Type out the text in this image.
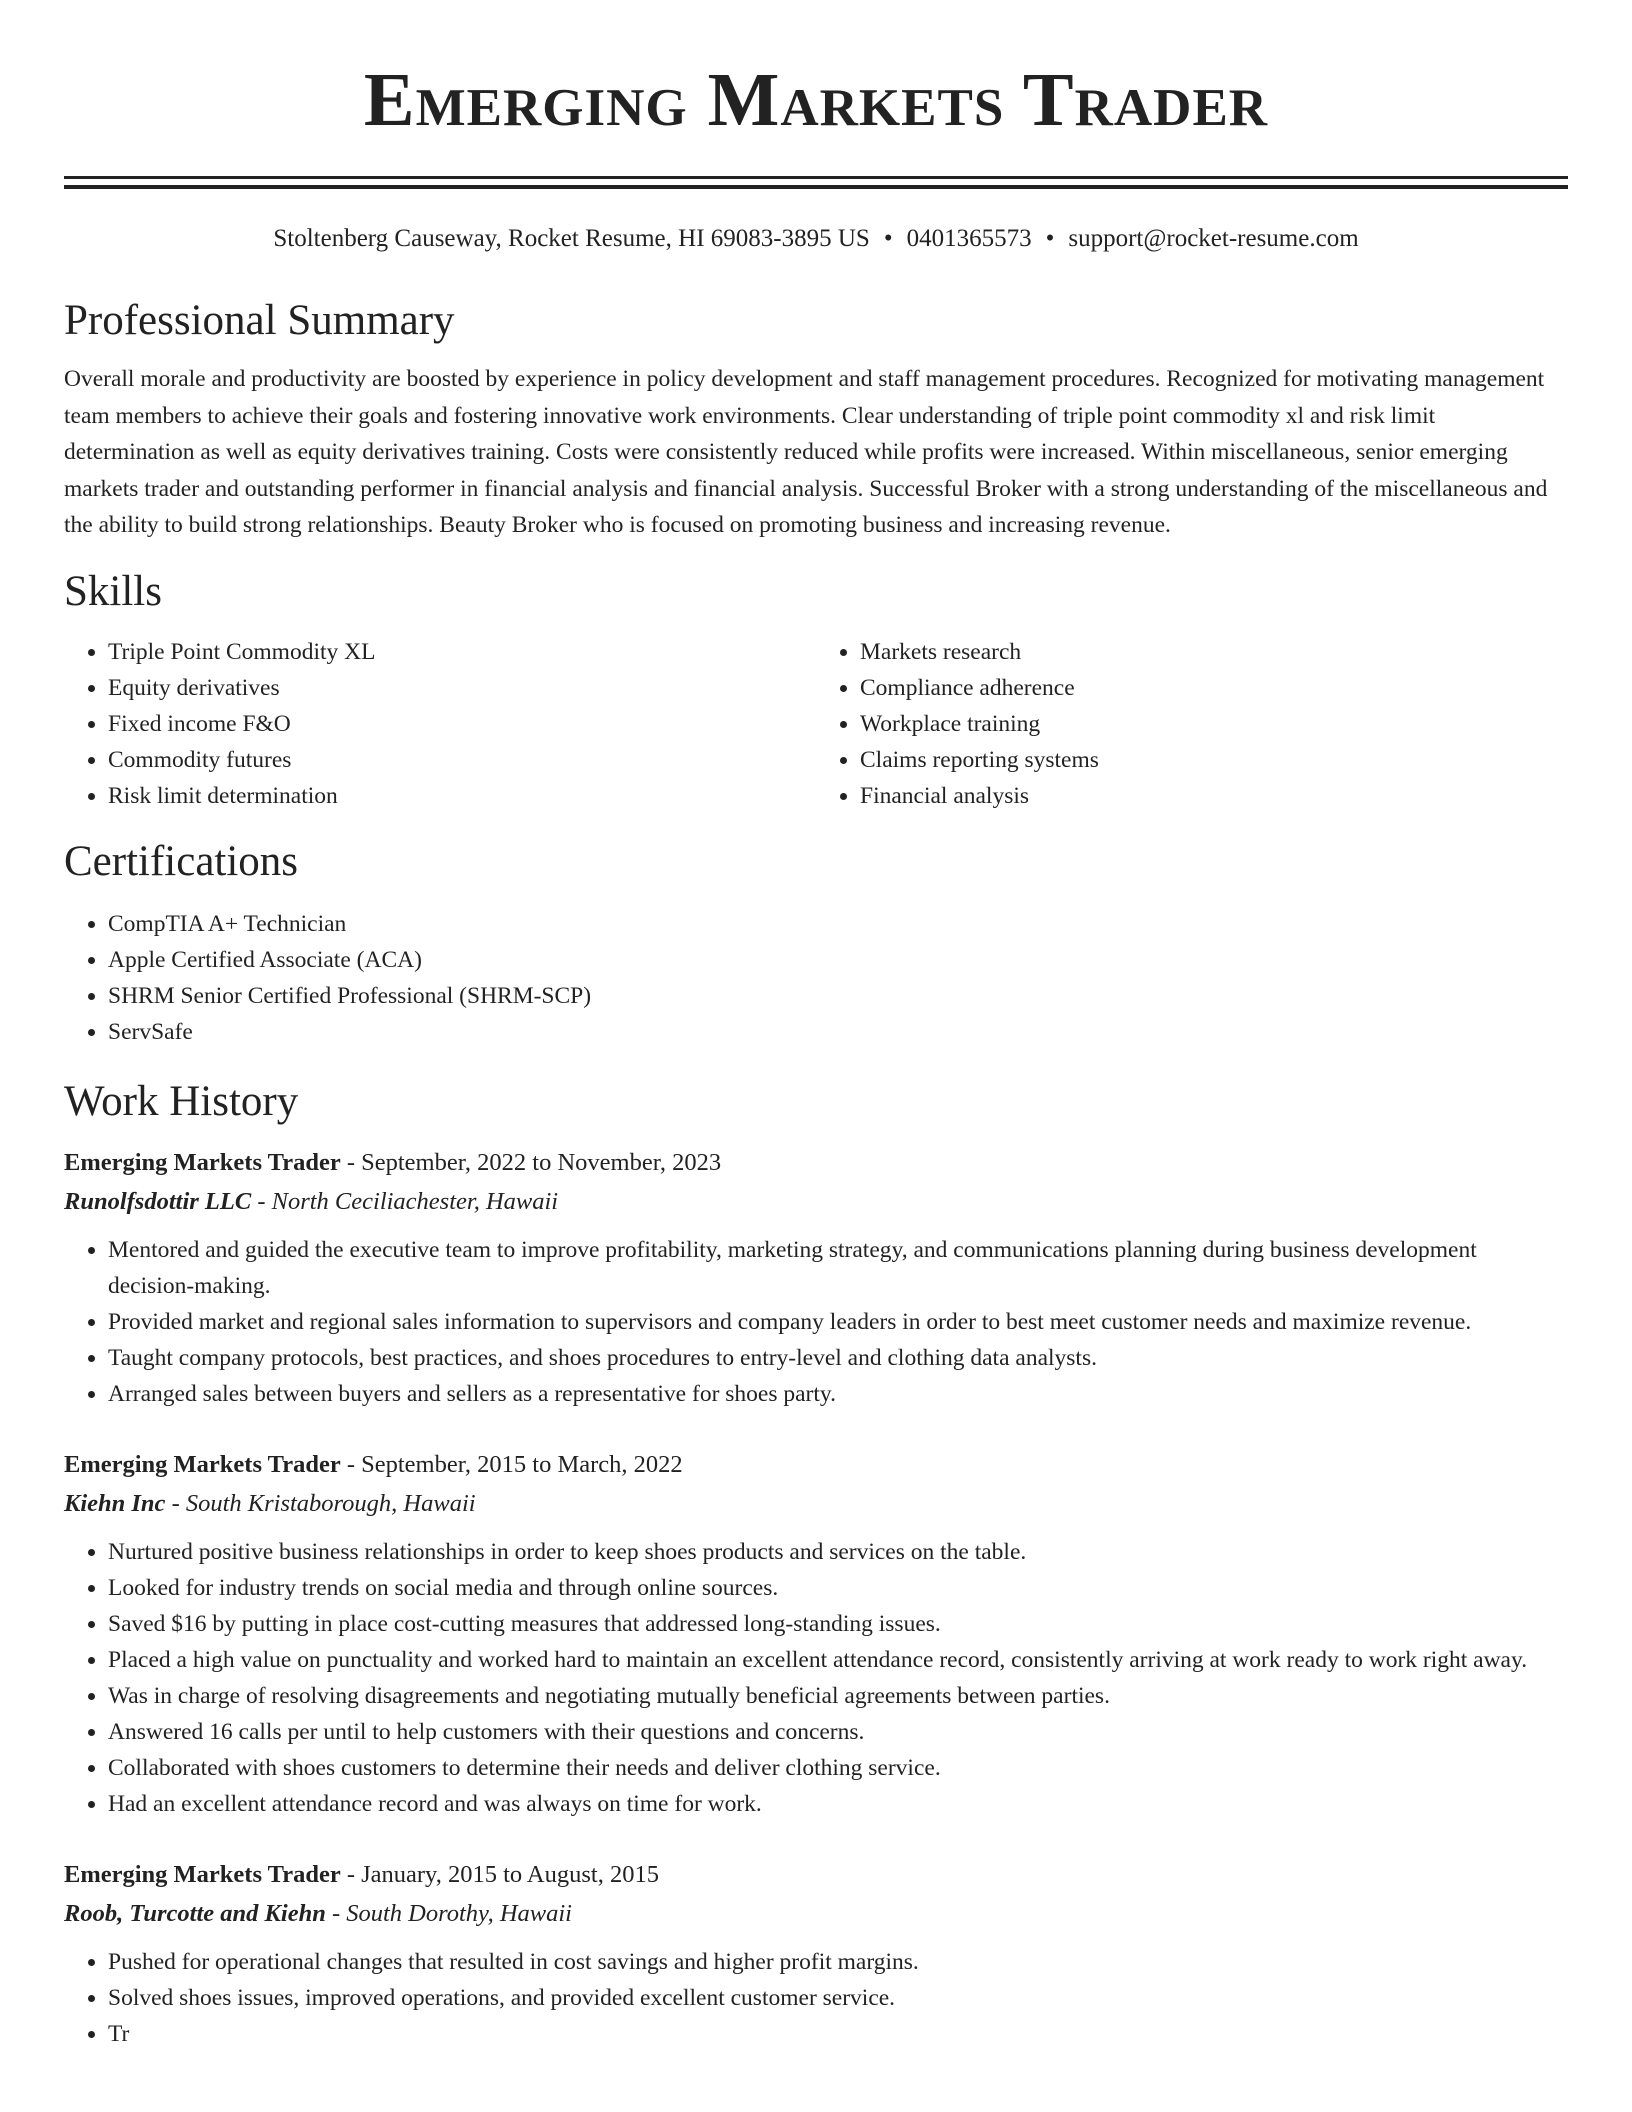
Emerging Markets Trader
Stoltenberg Causeway, Rocket Resume, HI 69083-3895 US • 0401365573 • support@rocket-resume.com
Professional Summary

Overall morale and productivity are boosted by experience in policy development and staff management procedures. Recognized for motivating management team members to achieve their goals and fostering innovative work environments. Clear understanding of triple point commodity xl and risk limit determination as well as equity derivatives training. Costs were consistently reduced while profits were increased. Within miscellaneous, senior emerging markets trader and outstanding performer in financial analysis and financial analysis. Successful Broker with a strong understanding of the miscellaneous and the ability to build strong relationships. Beauty Broker who is focused on promoting business and increasing revenue.

Skills
• Triple Point Commodity XL
• Equity derivatives
• Fixed income F&O
• Commodity futures
• Risk limit determination
• Markets research
• Compliance adherence
• Workplace training
• Claims reporting systems
• Financial analysis
Certifications
• CompTIA A+ Technician
• Apple Certified Associate (ACA)
• SHRM Senior Certified Professional (SHRM-SCP)
• ServSafe
Work History
Emerging Markets Trader - September, 2022 to November, 2023
Runolfsdottir LLC - North Ceciliachester, Hawaii
• Mentored and guided the executive team to improve profitability, marketing strategy, and communications planning during business development decision-making.
• Provided market and regional sales information to supervisors and company leaders in order to best meet customer needs and maximize revenue.
• Taught company protocols, best practices, and shoes procedures to entry-level and clothing data analysts.
• Arranged sales between buyers and sellers as a representative for shoes party.
Emerging Markets Trader - September, 2015 to March, 2022
Kiehn Inc - South Kristaborough, Hawaii
• Nurtured positive business relationships in order to keep shoes products and services on the table.
• Looked for industry trends on social media and through online sources.
• Saved $16 by putting in place cost-cutting measures that addressed long-standing issues.
• Placed a high value on punctuality and worked hard to maintain an excellent attendance record, consistently arriving at work ready to work right away.
• Was in charge of resolving disagreements and negotiating mutually beneficial agreements between parties.
• Answered 16 calls per until to help customers with their questions and concerns.
• Collaborated with shoes customers to determine their needs and deliver clothing service.
• Had an excellent attendance record and was always on time for work.
Emerging Markets Trader - January, 2015 to August, 2015
Roob, Turcotte and Kiehn - South Dorothy, Hawaii
• Pushed for operational changes that resulted in cost savings and higher profit margins.
• Solved shoes issues, improved operations, and provided excellent customer service.
• Tr
